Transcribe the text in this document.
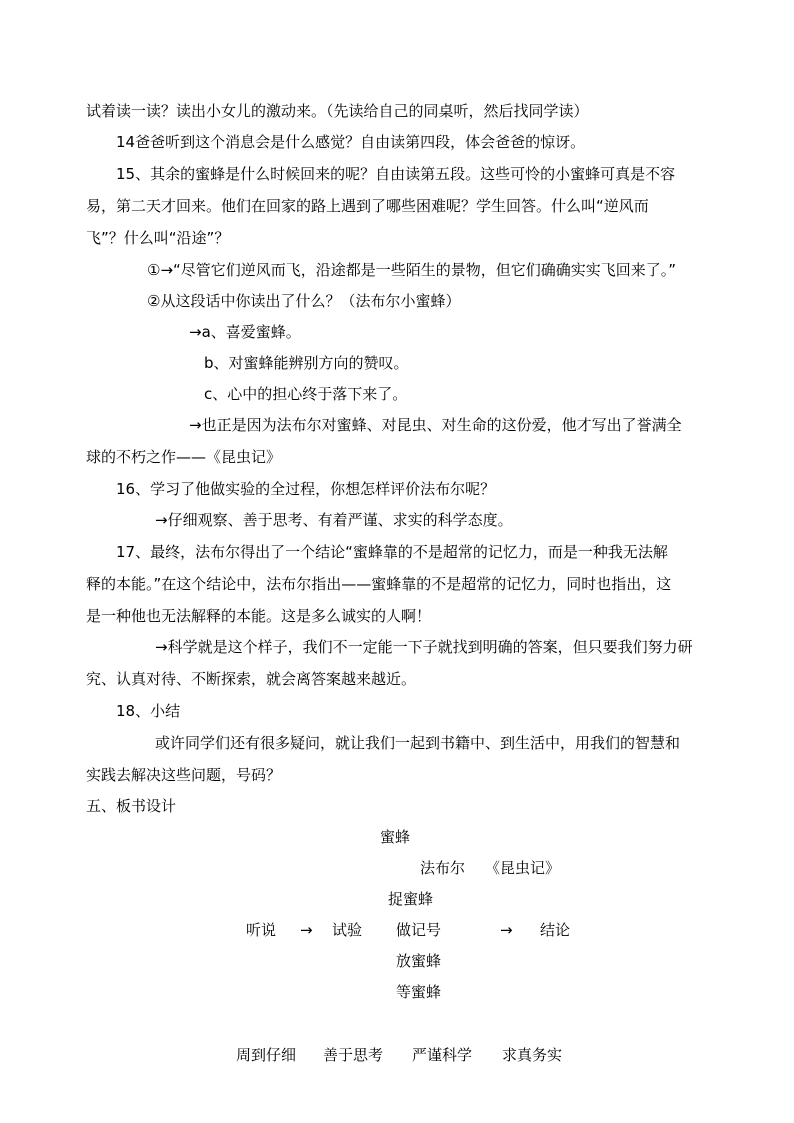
试着读一读？读出小女儿的激动来。（先读给自己的同桌听，然后找同学读）
14爸爸听到这个消息会是什么感觉？自由读第四段，体会爸爸的惊讶。
15、其余的蜜蜂是什么时候回来的呢？自由读第五段。这些可怜的小蜜蜂可真是不容
易，第二天才回来。他们在回家的路上遇到了哪些困难呢？学生回答。什么叫“逆风而
飞”？什么叫“沿途”？
①→“尽管它们逆风而飞，沿途都是一些陌生的景物，但它们确确实实飞回来了。”
②从这段话中你读出了什么？（法布尔小蜜蜂）
→a、喜爱蜜蜂。
b、对蜜蜂能辨别方向的赞叹。
c、心中的担心终于落下来了。
→也正是因为法布尔对蜜蜂、对昆虫、对生命的这份爱，他才写出了誉满全
球的不朽之作——《昆虫记》
16、学习了他做实验的全过程，你想怎样评价法布尔呢？
→仔细观察、善于思考、有着严谨、求实的科学态度。
17、最终，法布尔得出了一个结论“蜜蜂靠的不是超常的记忆力，而是一种我无法解
释的本能。”在这个结论中，法布尔指出——蜜蜂靠的不是超常的记忆力，同时也指出，这
是一种他也无法解释的本能。这是多么诚实的人啊！
→科学就是这个样子，我们不一定能一下子就找到明确的答案，但只要我们努力研
究、认真对待、不断探索，就会离答案越来越近。
18、小结
或许同学们还有很多疑问，就让我们一起到书籍中、到生活中，用我们的智慧和
实践去解决这些问题，号码？
五、板书设计
蜜蜂
法布尔 《昆虫记》
捉蜜蜂
听说 → 试验 做记号	→ 结论
放蜜蜂
等蜜蜂
周到仔细 善于思考 严谨科学 求真务实
